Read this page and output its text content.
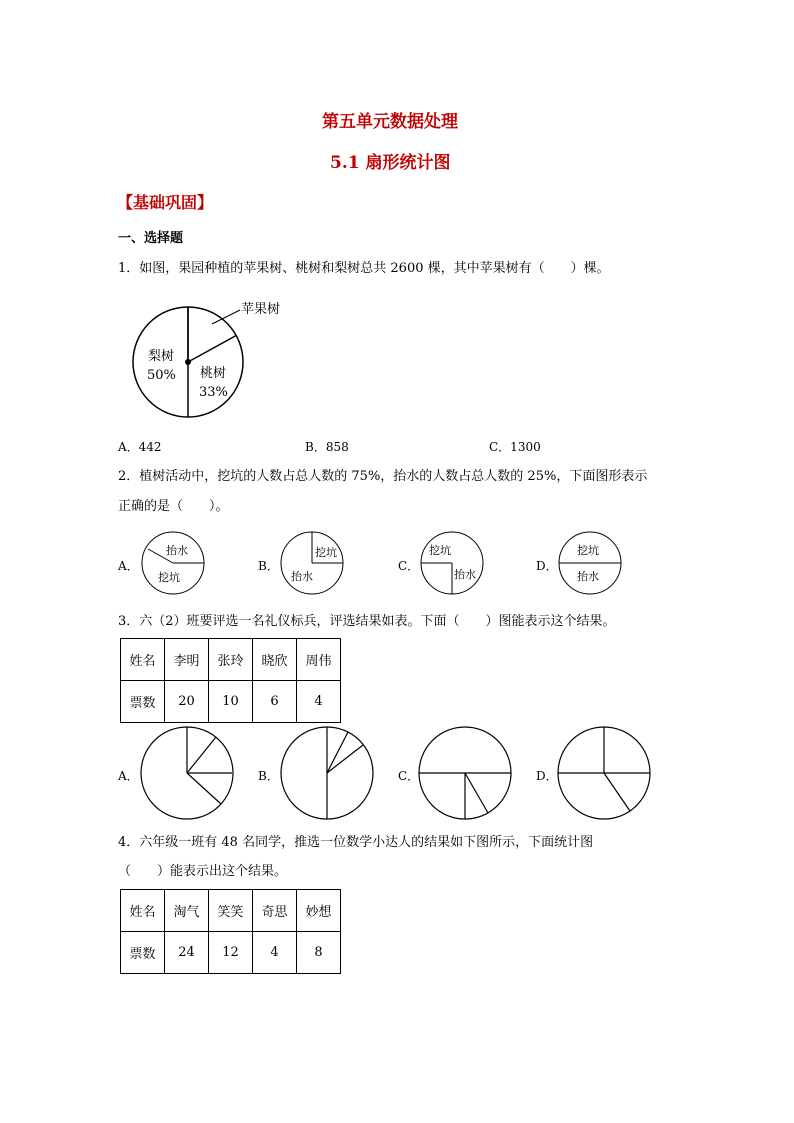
第五单元数据处理
5.1 扇形统计图
【基础巩固】
一、选择题
1．如图，果园种植的苹果树、桃树和梨树总共 2600 棵，其中苹果树有（　　）棵。
苹果树
梨树
50% 桃树
33%
A．442	B．858	C．1300
2．植树活动中，挖坑的人数占总人数的 75%，抬水的人数占总人数的 25%，下面图形表示
正确的是（　　）。
A．
抬水
挖坑
B．
挖坑
抬水
C．
挖坑
抬水
D．
挖坑
抬水
3．六（2）班要评选一名礼仪标兵，评选结果如表。下面（　　）图能表示这个结果。
姓名	李明	张玲	晓欣	周伟
票数	20	10	6	4
A．	B．	C．	D．
4．六年级一班有 48 名同学，推选一位数学小达人的结果如下图所示，下面统计图
（　　）能表示出这个结果。
姓名	淘气	笑笑	奇思	妙想
票数	24	12	4	8
